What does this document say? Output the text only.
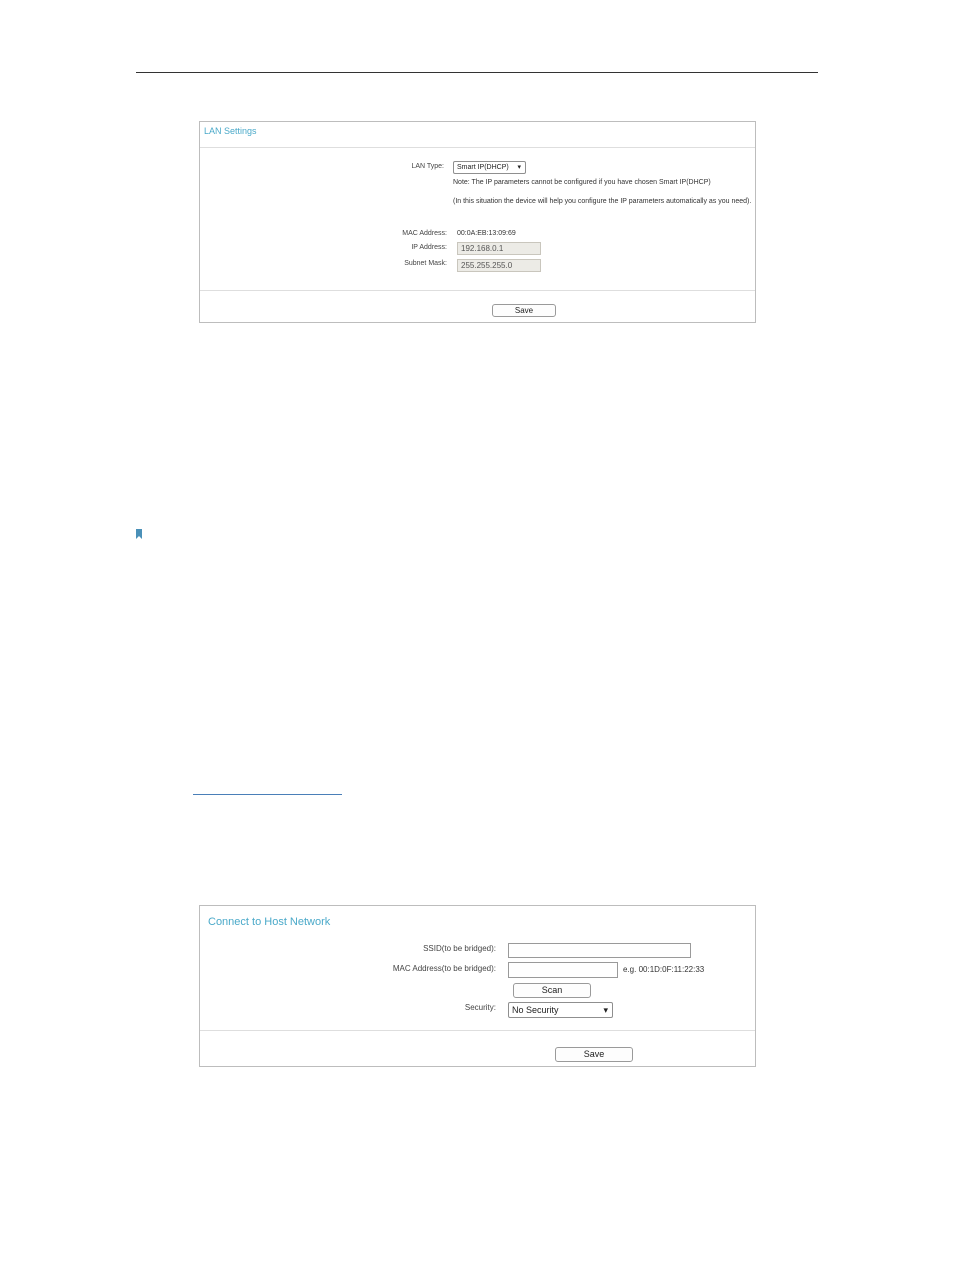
LAN Settings
LAN Type:	Smart IP(DHCP) ▾
Note: The IP parameters cannot be configured if you have chosen Smart IP(DHCP)
(In this situation the device will help you configure the IP parameters automatically as you need).
MAC Address: 00:0A:EB:13:09:69
IP Address:	192.168.0.1
Subnet Mask:	255.255.255.0
Save
Connect to Host Network
SSID(to be bridged):
MAC Address(to be bridged):	e.g. 00:1D:0F:11:22:33
Scan
Security:	No Security	▾
Save
